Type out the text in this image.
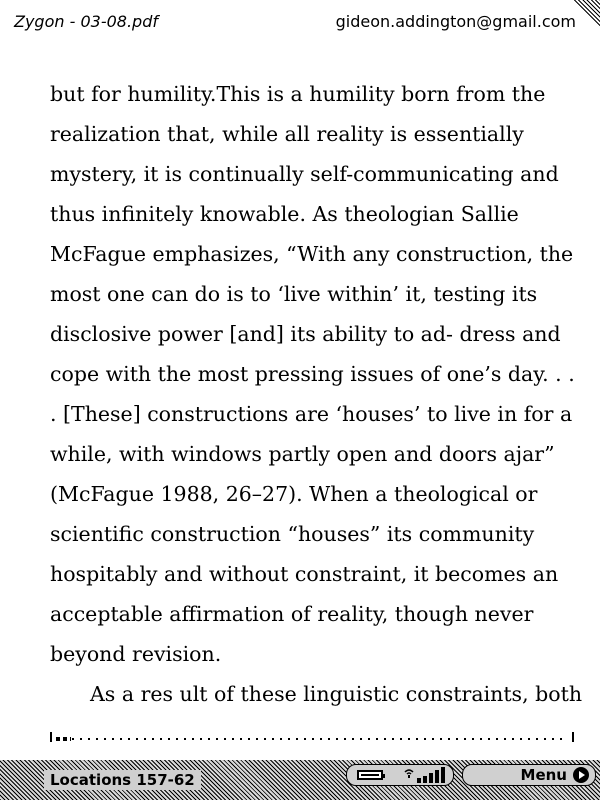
Zygon - 03-08.pdf	gideon.addington@gmail.com
but for humility.This is a humility born from the
realization that, while all reality is essentially
mystery, it is continually self-communicating and
thus infinitely knowable. As theologian Sallie
McFague emphasizes, “With any construction, the
most one can do is to ‘live within’ it, testing its
disclosive power [and] its ability to ad- dress and
cope with the most pressing issues of one’s day. . .
. [These] constructions are ‘houses’ to live in for a
while, with windows partly open and doors ajar”
(McFague 1988, 26–27). When a theological or
scientific construction “houses” its community
hospitably and without constraint, it becomes an
acceptable affirmation of reality, though never
beyond revision.
As a res ult of these linguistic constraints, both
Locations 157-62	Menu
